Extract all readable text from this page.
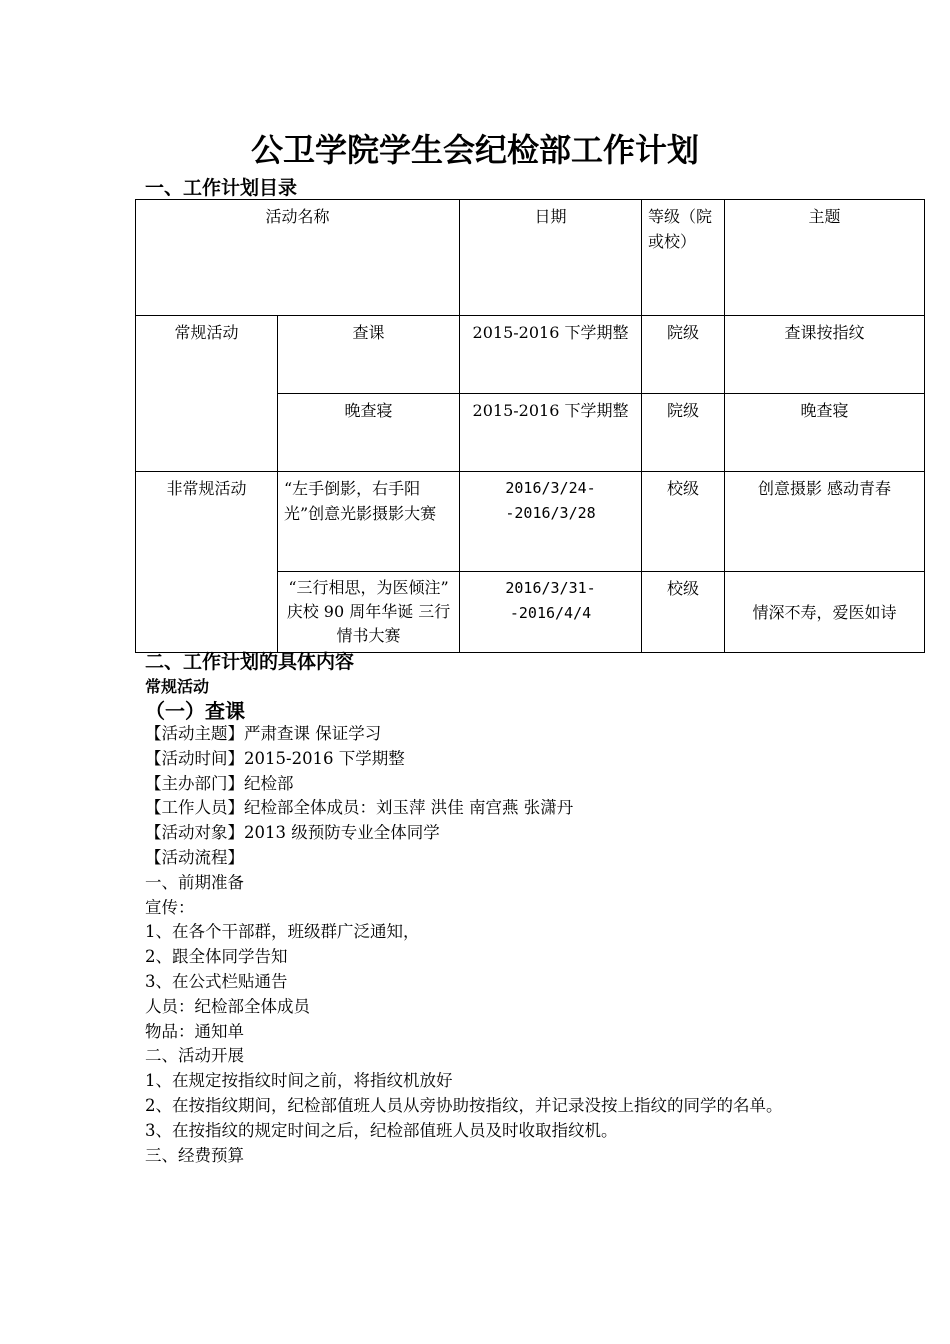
公卫学院学生会纪检部工作计划
一、工作计划目录
活动名称		日期	等级（院或校）	主题
常规活动	查课	2015-2016 下学期整	院级	查课按指纹
	晚查寝	2015-2016 下学期整	院级	晚查寝
非常规活动	“左手倒影，右手阳光”创意光影摄影大赛	2016/3/24-
-2016/3/28	校级	创意摄影 感动青春
	“三行相思，为医倾注” 庆校 90 周年华诞 三行情书大赛	2016/3/31-
-2016/4/4	校级	情深不寿，爱医如诗
二、工作计划的具体内容
常规活动
（一）查课
【活动主题】严肃查课 保证学习
【活动时间】2015-2016 下学期整
【主办部门】纪检部
【工作人员】纪检部全体成员：刘玉萍 洪佳 南宫燕 张潇丹
【活动对象】2013 级预防专业全体同学
【活动流程】
一、前期准备
宣传：
1、在各个干部群，班级群广泛通知，
2、跟全体同学告知
3、在公式栏贴通告
人员：纪检部全体成员
物品：通知单
二、活动开展
1、在规定按指纹时间之前，将指纹机放好
2、在按指纹期间，纪检部值班人员从旁协助按指纹，并记录没按上指纹的同学的名单。
3、在按指纹的规定时间之后，纪检部值班人员及时收取指纹机。
三、经费预算
